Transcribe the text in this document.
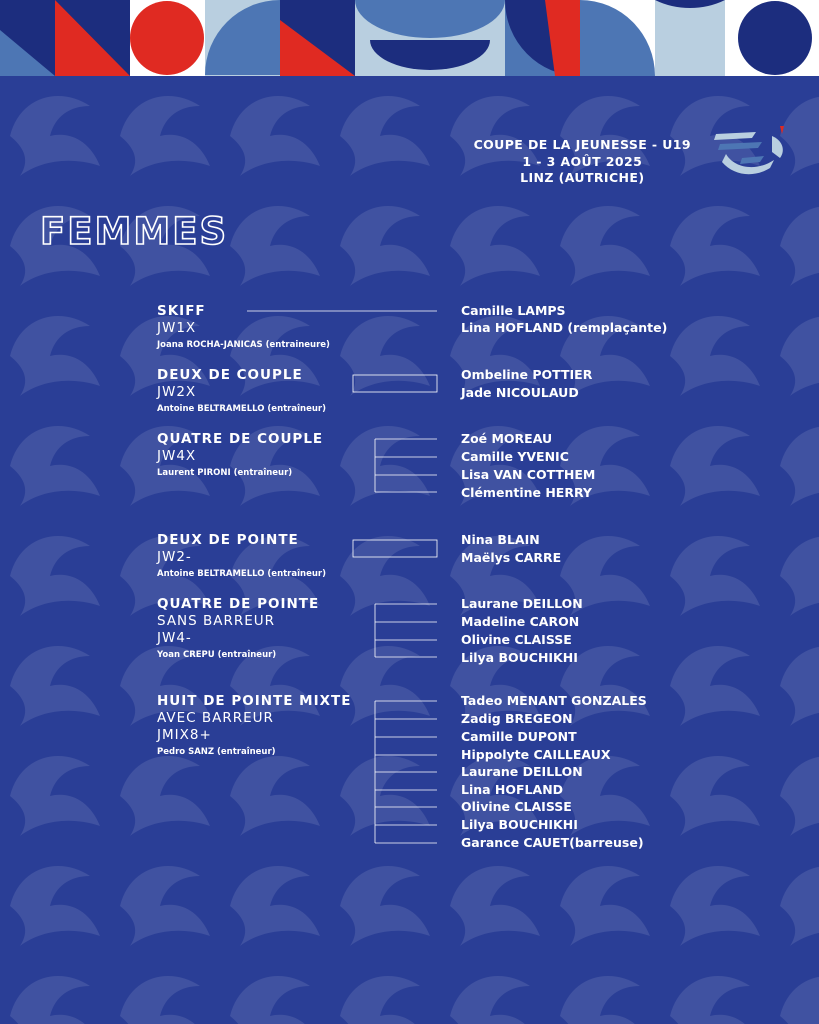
COUPE DE LA JEUNESSE - U19
1 - 3 AOÛT 2025
LINZ (AUTRICHE)
FEMMES
SKIFF
JW1X
Joana ROCHA-JANICAS (entraineure)
DEUX DE COUPLE
JW2X
Antoine BELTRAMELLO (entraîneur)
QUATRE DE COUPLE
JW4X
Laurent PIRONI (entraîneur)
DEUX DE POINTE
JW2-
Antoine BELTRAMELLO (entraîneur)
QUATRE DE POINTE
SANS BARREUR
JW4-
Yoan CREPU (entraîneur)
HUIT DE POINTE MIXTE
AVEC BARREUR
JMIX8+
Pedro SANZ (entraîneur)
Camille LAMPS
Lina HOFLAND (remplaçante)
Ombeline POTTIER
Jade NICOULAUD
Zoé MOREAU
Camille YVENIC
Lisa VAN COTTHEM
Clémentine HERRY
Nina BLAIN
Maëlys CARRE
Laurane DEILLON
Madeline CARON
Olivine CLAISSE
Lilya BOUCHIKHI
Tadeo MENANT GONZALES
Zadig BREGEON
Camille DUPONT
Hippolyte CAILLEAUX
Laurane DEILLON
Lina HOFLAND
Olivine CLAISSE
Lilya BOUCHIKHI
Garance CAUET(barreuse)
